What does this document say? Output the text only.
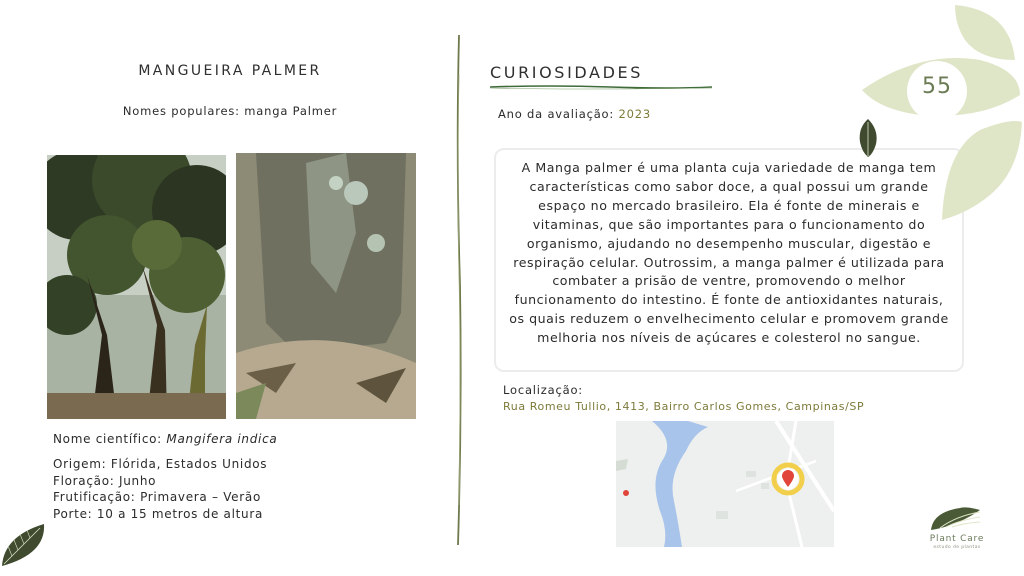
MANGUEIRA PALMER
Nomes populares: manga Palmer
Nome científico: Mangifera indica
Origem: Flórida, Estados Unidos
Floração: Junho
Frutificação: Primavera – Verão
Porte: 10 a 15 metros de altura
CURIOSIDADES
Ano da avaliação: 2023
A Manga palmer é uma planta cuja variedade de manga tem características como sabor doce, a qual possui um grande espaço no mercado brasileiro. Ela é fonte de minerais e vitaminas, que são importantes para o funcionamento do organismo, ajudando no desempenho muscular, digestão e respiração celular. Outrossim, a manga palmer é utilizada para combater a prisão de ventre, promovendo o melhor funcionamento do intestino. É fonte de antioxidantes naturais, os quais reduzem o envelhecimento celular e promovem grande melhoria nos níveis de açúcares e colesterol no sangue.
Localização:
Rua Romeu Tullio, 1413, Bairro Carlos Gomes, Campinas/SP
55
Plant Care
estudo de plantas
